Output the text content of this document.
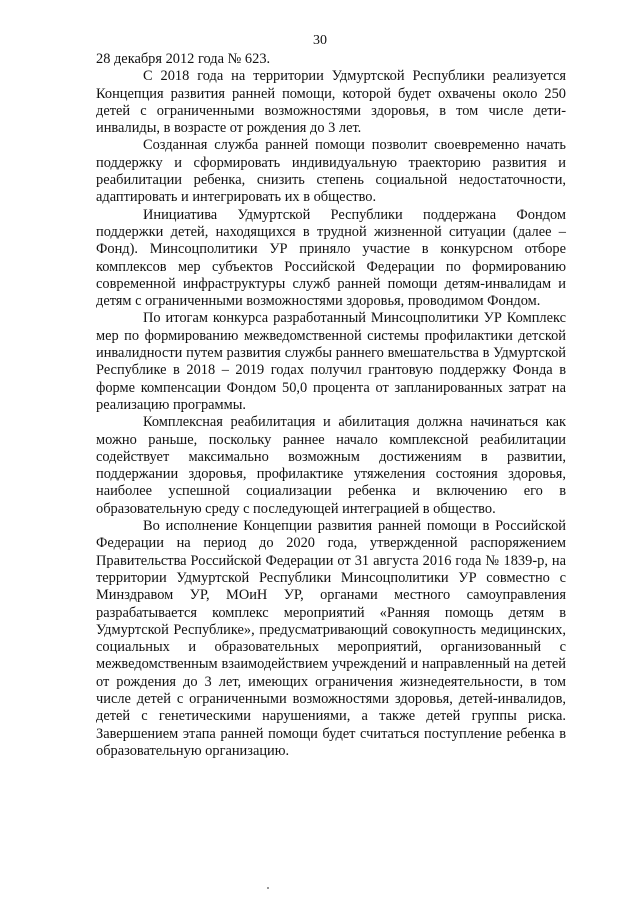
30

28 декабря 2012 года № 623.

С 2018 года на территории Удмуртской Республики реализуется Концепция развития ранней помощи, которой будет охвачены около 250 детей с ограниченными возможностями здоровья, в том числе дети-инвалиды, в возрасте от рождения до 3 лет.

Созданная служба ранней помощи позволит своевременно начать поддержку и сформировать индивидуальную траекторию развития и реабилитации ребенка, снизить степень социальной недостаточности, адаптировать и интегрировать их в общество.

Инициатива Удмуртской Республики поддержана Фондом поддержки детей, находящихся в трудной жизненной ситуации (далее – Фонд). Минсоцполитики УР приняло участие в конкурсном отборе комплексов мер субъектов Российской Федерации по формированию современной инфраструктуры служб ранней помощи детям-инвалидам и детям с ограниченными возможностями здоровья, проводимом Фондом.

По итогам конкурса разработанный Минсоцполитики УР Комплекс мер по формированию межведомственной системы профилактики детской инвалидности путем развития службы раннего вмешательства в Удмуртской Республике в 2018 – 2019 годах получил грантовую поддержку Фонда в форме компенсации Фондом 50,0 процента от запланированных затрат на реализацию программы.

Комплексная реабилитация и абилитация должна начинаться как можно раньше, поскольку раннее начало комплексной реабилитации содействует максимально возможным достижениям в развитии, поддержании здоровья, профилактике утяжеления состояния здоровья, наиболее успешной социализации ребенка и включению его в образовательную среду с последующей интеграцией в общество.

Во исполнение Концепции развития ранней помощи в Российской Федерации на период до 2020 года, утвержденной распоряжением Правительства Российской Федерации от 31 августа 2016 года № 1839-р, на территории Удмуртской Республики Минсоцполитики УР совместно с Минздравом УР, МОиН УР, органами местного самоуправления разрабатывается комплекс мероприятий «Ранняя помощь детям в Удмуртской Республике», предусматривающий совокупность медицинских, социальных и образовательных мероприятий, организованный с межведомственным взаимодействием учреждений и направленный на детей от рождения до 3 лет, имеющих ограничения жизнедеятельности, в том числе детей с ограниченными возможностями здоровья, детей-инвалидов, детей с генетическими нарушениями, а также детей группы риска. Завершением этапа ранней помощи будет считаться поступление ребенка в образовательную организацию.
